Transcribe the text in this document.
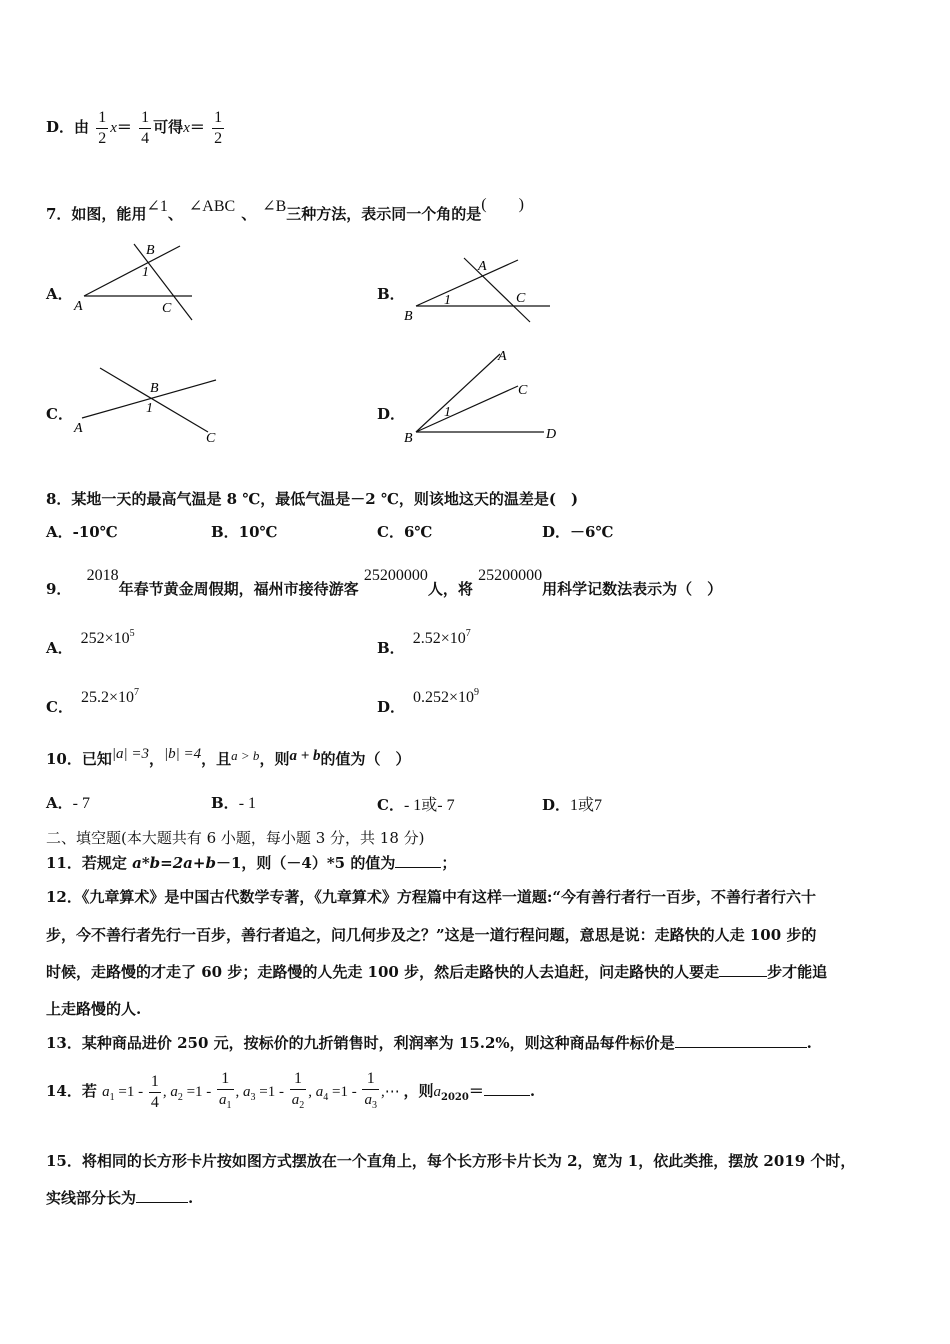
D．由 $\frac{1}{2} x= \frac{1}{4}$ 可得$x= \frac{1}{2}$
7．如图，能用∠1、 ∠ABC 、 ∠B三种方法，表示同一个角的是(　　)
A．
A
B
C
1
B．
B
A
C
1
C．
A
B
C
1	D．
B
A
C
D
1
8．某地一天的最高气温是 8 ℃，最低气温是－2 ℃，则该地这天的温差是(　)
A．-10℃	B．10℃	C．6℃	D．－6℃
9． 2018年春节黄金周假期，福州市接待游客 25200000人，将 25200000用科学记数法表示为（　）
A．$252\times 10^5$
B．$2.52\times 10^7$
C．$25.2\times 10^7$
D．$0.252\times 10^9$
10．已知|a| =3，|b| =4，且a > b，则a + b的值为（　）
A．- 7	B．- 1	C．- 1或- 7	D．1或7
二、填空题(本大题共有 6 小题，每小题 3 分，共 18 分)
11．若规定 a*b=2a+b－1，则（－4）*5 的值为	；
12．《九章算术》是中国古代数学专著，《九章算术》方程篇中有这样一道题:“今有善行者行一百步，不善行者行六十
步，今不善行者先行一百步，善行者追之，问几何步及之？”这是一道行程问题，意思是说：走路快的人走 100 步的
时候，走路慢的才走了 60 步；走路慢的人先走 100 步，然后走路快的人去追赶，问走路快的人要走	步才能追
上走路慢的人.
13．某种商品进价 250 元，按标价的九折销售时，利润率为 15.2%，则这种商品每件标价是	.
14．若 $a_1 =1 - \frac{1}{4}$ , $a_2 =1 - \frac{1}{a_1}$ , $a_3 =1 - \frac{1}{a_2}$ , $a_4 =1 - \frac{1}{a_3}$ ,⋯ ，则$a_{2020}=$	.
15．将相同的长方形卡片按如图方式摆放在一个直角上，每个长方形卡片长为 2，宽为 1，依此类推，摆放 2019 个时，
实线部分长为	.
